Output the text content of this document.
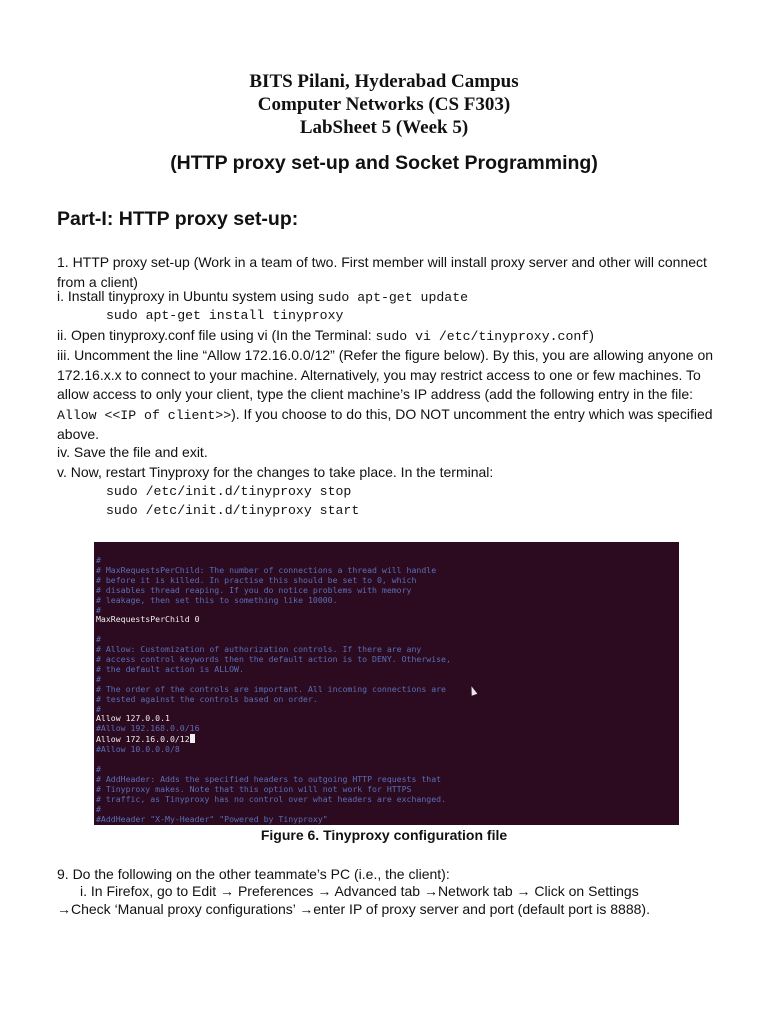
BITS Pilani, Hyderabad Campus
Computer Networks (CS F303)
LabSheet 5 (Week 5)
(HTTP proxy set-up and Socket Programming)
Part-I: HTTP proxy set-up:
1. HTTP proxy set-up (Work in a team of two. First member will install proxy server and other will connect from a client)
i. Install tinyproxy in Ubuntu system using sudo apt-get update
sudo apt-get install tinyproxy
ii. Open tinyproxy.conf file using vi (In the Terminal: sudo vi /etc/tinyproxy.conf)
iii. Uncomment the line “Allow 172.16.0.0/12” (Refer the figure below). By this, you are allowing anyone on 172.16.x.x to connect to your machine. Alternatively, you may restrict access to one or few machines. To allow access to only your client, type the client machine’s IP address (add the following entry in the file: Allow <<IP of client>>). If you choose to do this, DO NOT uncomment the entry which was specified above.
iv. Save the file and exit.
v. Now, restart Tinyproxy for the changes to take place. In the terminal:
sudo /etc/init.d/tinyproxy stop
sudo /etc/init.d/tinyproxy start
#
# MaxRequestsPerChild: The number of connections a thread will handle
# before it is killed. In practise this should be set to 0, which
# disables thread reaping. If you do notice problems with memory
# leakage, then set this to something like 10000.
#
MaxRequestsPerChild 0
#
# Allow: Customization of authorization controls. If there are any
# access control keywords then the default action is to DENY. Otherwise,
# the default action is ALLOW.
#
# The order of the controls are important. All incoming connections are
# tested against the controls based on order.
#
Allow 127.0.0.1
#Allow 192.168.0.0/16
Allow 172.16.0.0/12
#Allow 10.0.0.0/8
#
# AddHeader: Adds the specified headers to outgoing HTTP requests that
# Tinyproxy makes. Note that this option will not work for HTTPS
# traffic, as Tinyproxy has no control over what headers are exchanged.
#
#AddHeader "X-My-Header" "Powered by Tinyproxy"
Figure 6. Tinyproxy configuration file
9. Do the following on the other teammate’s PC (i.e., the client):
i. In Firefox, go to Edit → Preferences → Advanced tab →Network tab → Click on Settings
→Check ‘Manual proxy configurations’ →enter IP of proxy server and port (default port is 8888).
